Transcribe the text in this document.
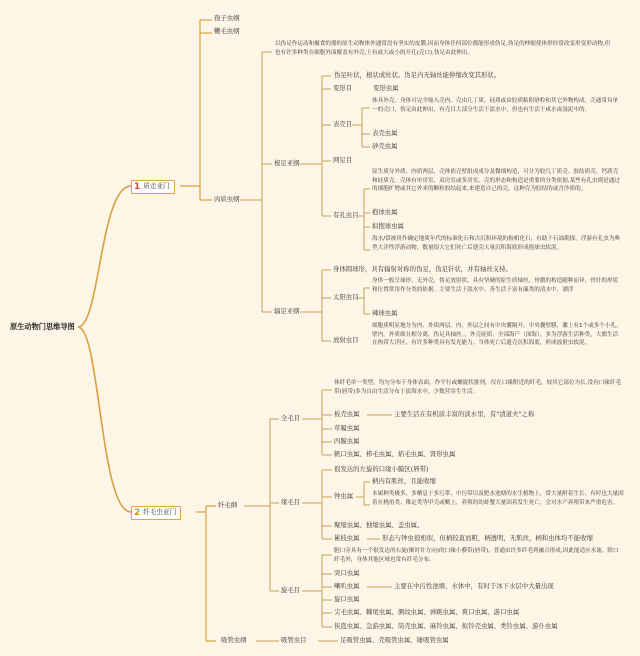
原生动物门思维导图
1 质走亚门
孢子虫纲
鞭毛虫纲
肉质虫纲
以伪足作运动和摄食的器的原生动物体外通常没有坚实的皮膜,因而身体任何部位都能形成伪足,伪足的伸缩使体形经常改变形变形动物,但也有许多种类在细胞外面覆盖有外壳,上有或大或小的开孔(壳口),伪足由此伸出。
根足亚纲
伪足叶状，根状或丝状。伪足内无轴丝能伸缩改变其形状。
变形目	变形虫属
表壳目
体具外壳，身体可完全缩入壳内。壳由几丁质，硅质或由胶质粘附砂粒和其它外物构成。壳通常具单一的壳口，伪足由此伸出，有壳目大部分生活于淡水中，但也有生活于咸水或湿泥中的。
表壳虫属
砂壳虫属
网足目
有孔虫目
原生质分外质、内质两层，壳体依壳壁组成成分及微细构造，可分为胶几丁质壳、胶结质壳、钙质壳和硅质壳。壳体有单房室、双房室或多房室。壳的形态和构造是重要的分类依据,某些有孔虫则是通过的细胞扩增或其它外来的颗粒胶结起来,来建造自己的壳，这种壳为胶结的或含沙质的。
抱球虫属
拟抱球虫属
海水/常被用作确定地质年代的标准化石和古沉积环境的指相化石，有助于石油勘探。浮游有孔虫为典型大洋性浮游动物，数量很大它们死亡后遗壳大量沉积海底形成抱球虫软泥。
辐足亚纲
身体圆球形，具有辐射对称的伪足，伪足针状，并有轴丝支持。
太阳虫目
身体一般呈球形，无外壳，伪足放射状，具有坚硬的原生质轴丝，骨骼的构造随种而异，骨针的形状和位置常用作分类的依据。主要生活于淡水中，善生活于富有藻类的清水中，漂浮
辣球虫属
放射虫目
细胞质明显地分为内、外质两层。内、外层之间有中央囊隔开，中央囊壁膜，囊上有1个或多个小孔。壁内。外质细且相分离。伪足具轴丝。，外壳硅质。全部海产（深海）。多为浮游生活种类，大都生活在热带大洋区，有许多种类具有发光能力。当体死亡后遗壳沉积海底，形成放射虫软泥。
2 纤毛虫亚门
纤毛纲
全毛目
体纤毛单一类型，均匀分布于身体表面，作平行或螺旋状排列，仅在口缘附近的纤毛，较其它部位为长,没有口缘纤毛带(唇带)多为自由生活分布于淡海水中，少数营寄生生活。
板壳虫属	主要生活在有机质丰富的淡水里，有"清道夫"之称
草履虫属
四膜虫属
帆口虫属、栉毛虫属、焰毛虫属、肾形虫属
缘毛目
很发达的左旋的口缘小膜区(唇带)
钟虫属
柄内有肌丝，且能收缩
本属种类极多，多栖息于多污带、中污带以及肥水池塘的水生植物上，常大量附着生长。有时也大量固着在桡角类、稚定类等甲壳或鳃上，养殖的幼虾蟹大量固着发生死亡，会对水产养殖带来严重危害。
聚缩虫属、独缩虫属、盖虫属、
累枝虫属	形态与钟虫很相似，但柄较直而粗，柄透明，无肌丝，柄和虫体均不能收缩
旋毛目
胞口旁具有一个很发达的右旋(顺时针方向)的口缘小膜带(唇带)，普通由许多纤毛列融合形成,因此能适应水流，除口纤毛外，身体其他区域也常有纤毛分布。
突口虫属
喇叭虫属	主要在中污性池塘、水体中，有时于冰下水层中大量出现
旋口虫属
尖毛虫属、棘尾虫属、测纹虫属、弹跳虫属、爽口虫属、游口虫属
侠盗虫属、急游虫属、筒壳虫属、麻铃虫属、拟铃壳虫属、类铃虫属、游仆虫属
吸管虫纲	吸管虫目	足吸管虫属、壳吸管虫属、锤吸管虫属
